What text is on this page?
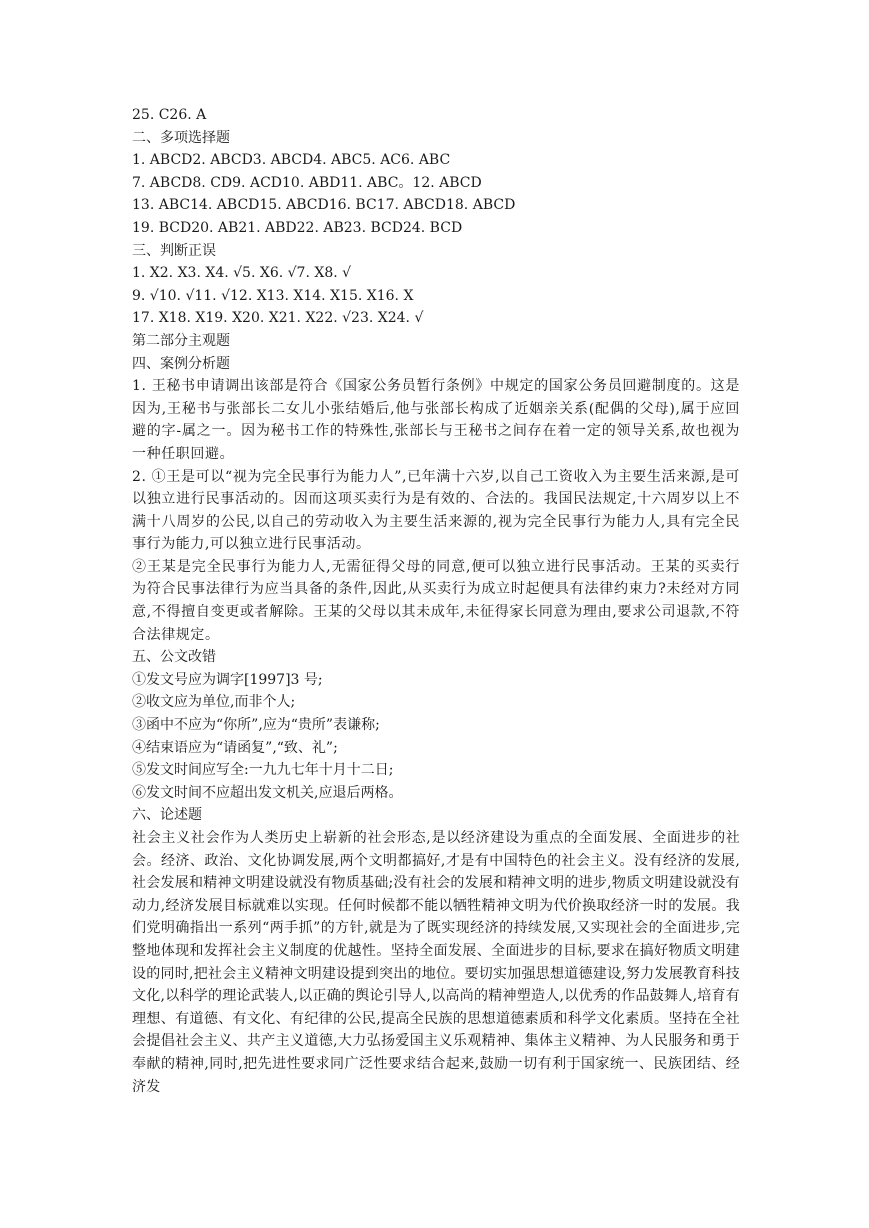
25. C26. A
二、多项选择题
1. ABCD2. ABCD3. ABCD4. ABC5. AC6. ABC
7. ABCD8. CD9. ACD10. ABD11. ABC。12. ABCD
13. ABC14. ABCD15. ABCD16. BC17. ABCD18. ABCD
19. BCD20. AB21. ABD22. AB23. BCD24. BCD
三、判断正误
1. X2. X3. X4. √5. X6. √7. X8. √
9. √10. √11. √12. X13. X14. X15. X16. X
17. X18. X19. X20. X21. X22. √23. X24. √
第二部分主观题
四、案例分析题
1. 王秘书申请调出该部是符合《国家公务员暂行条例》中规定的国家公务员回避制度的。这是因为,王秘书与张部长二女儿小张结婚后,他与张部长构成了近姻亲关系(配偶的父母),属于应回避的字-属之一。因为秘书工作的特殊性,张部长与王秘书之间存在着一定的领导关系,故也视为一种任职回避。
2. ①王是可以“视为完全民事行为能力人”,已年满十六岁,以自己工资收入为主要生活来源,是可以独立进行民事活动的。因而这项买卖行为是有效的、合法的。我国民法规定,十六周岁以上不满十八周岁的公民,以自己的劳动收入为主要生活来源的,视为完全民事行为能力人,具有完全民事行为能力,可以独立进行民事活动。
②王某是完全民事行为能力人,无需征得父母的同意,便可以独立进行民事活动。王某的买卖行为符合民事法律行为应当具备的条件,因此,从买卖行为成立时起便具有法律约束力?未经对方同意,不得擅自变更或者解除。王某的父母以其未成年,未征得家长同意为理由,要求公司退款,不符合法律规定。
五、公文改错
①发文号应为调字[1997]3 号;
②收文应为单位,而非个人;
③函中不应为“你所”,应为“贵所”表谦称;
④结束语应为“请函复”,“致、礼”;
⑤发文时间应写全:一九九七年十月十二日;
⑥发文时间不应超出发文机关,应退后两格。
六、论述题
社会主义社会作为人类历史上崭新的社会形态,是以经济建设为重点的全面发展、全面进步的社会。经济、政治、文化协调发展,两个文明都搞好,才是有中国特色的社会主义。没有经济的发展,社会发展和精神文明建设就没有物质基础;没有社会的发展和精神文明的进步,物质文明建设就没有动力,经济发展目标就难以实现。任何时候都不能以牺牲精神文明为代价换取经济一时的发展。我们党明确指出一系列“两手抓”的方针,就是为了既实现经济的持续发展,又实现社会的全面进步,完整地体现和发挥社会主义制度的优越性。坚持全面发展、全面进步的目标,要求在搞好物质文明建设的同时,把社会主义精神文明建设提到突出的地位。要切实加强思想道德建设,努力发展教育科技文化,以科学的理论武装人,以正确的舆论引导人,以高尚的精神塑造人,以优秀的作品鼓舞人,培育有理想、有道德、有文化、有纪律的公民,提高全民族的思想道德素质和科学文化素质。坚持在全社会提倡社会主义、共产主义道德,大力弘扬爱国主义乐观精神、集体主义精神、为人民服务和勇于奉献的精神,同时,把先进性要求同广泛性要求结合起来,鼓励一切有利于国家统一、民族团结、经济发
